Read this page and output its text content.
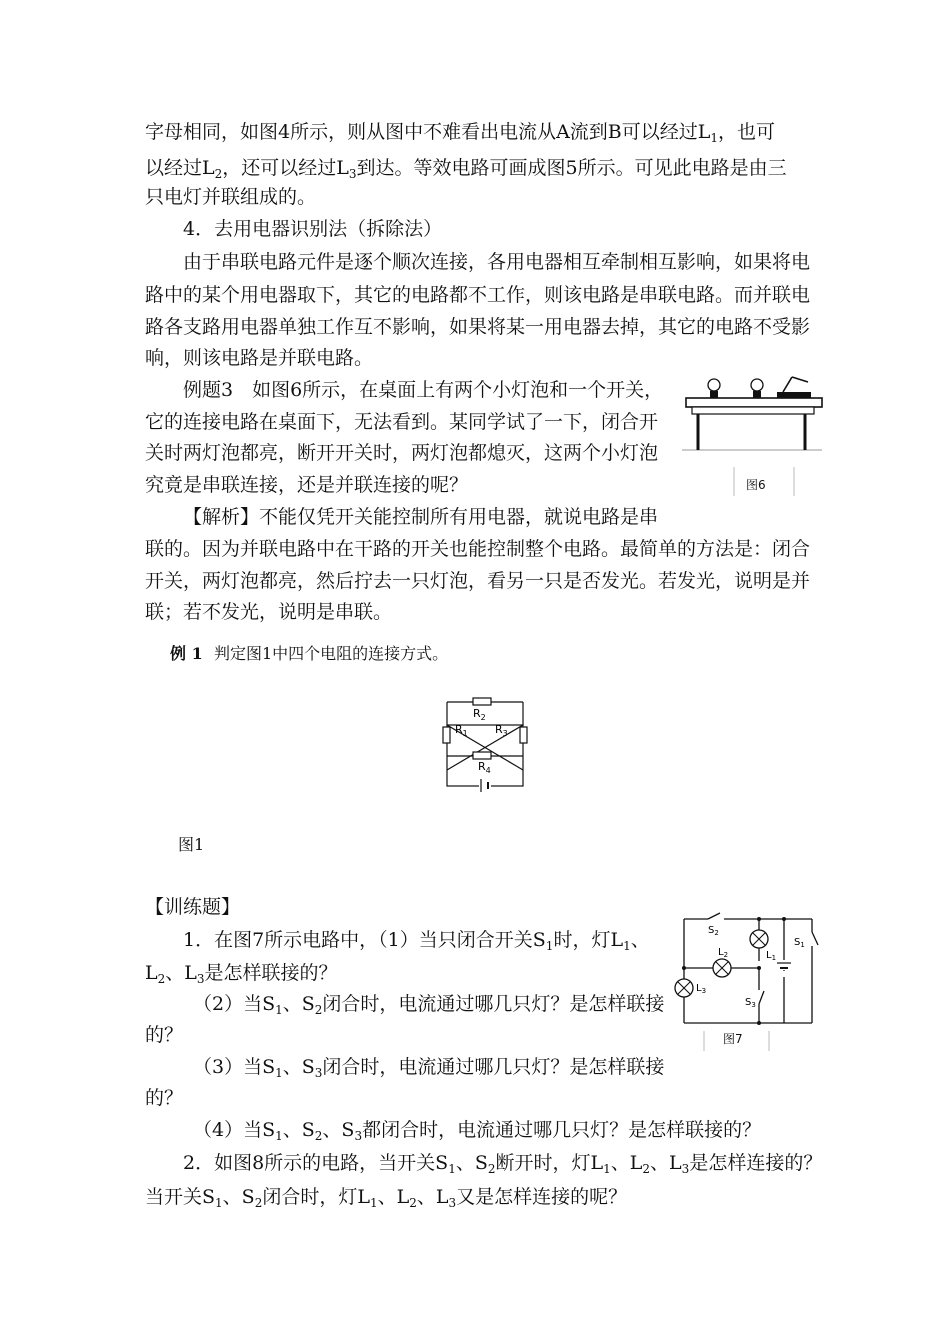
字母相同，如图4所示，则从图中不难看出电流从A流到B可以经过$L_1$，也可
以经过$L_2$，还可以经过$L_3$到达。等效电路可画成图5所示。可见此电路是由三
只电灯并联组成的。
4．去用电器识别法（拆除法）
由于串联电路元件是逐个顺次连接，各用电器相互牵制相互影响，如果将电
路中的某个用电器取下，其它的电路都不工作，则该电路是串联电路。而并联电
路各支路用电器单独工作互不影响，如果将某一用电器去掉，其它的电路不受影
响，则该电路是并联电路。
例题3　如图6所示，在桌面上有两个小灯泡和一个开关，
它的连接电路在桌面下，无法看到。某同学试了一下，闭合开
关时两灯泡都亮，断开开关时，两灯泡都熄灭，这两个小灯泡
究竟是串联连接，还是并联连接的呢？
【解析】不能仅凭开关能控制所有用电器，就说电路是串
联的。因为并联电路中在干路的开关也能控制整个电路。最简单的方法是：闭合
开关，两灯泡都亮，然后拧去一只灯泡，看另一只是否发光。若发光，说明是并
联；若不发光，说明是串联。
图6
例 1 判定图1中四个电阻的连接方式。
$R_2$
$R_1$ $R_3$
$R_4$
图1
【训练题】
1．在图7所示电路中，（1）当只闭合开关$S_1$时，灯$L_1$、
$L_2$、$L_3$是怎样联接的？
（2）当$S_1$、$S_2$闭合时，电流通过哪几只灯？是怎样联接
的？
（3）当$S_1$、$S_3$闭合时，电流通过哪几只灯？是怎样联接
的？
（4）当$S_1$、$S_2$、$S_3$都闭合时，电流通过哪几只灯？是怎样联接的？
2．如图8所示的电路，当开关$S_1$、$S_2$断开时，灯$L_1$、$L_2$、$L_3$是怎样连接的？
当开关$S_1$、$S_2$闭合时，灯$L_1$、$L_2$、$L_3$又是怎样连接的呢？
$S_2$
$S_1$
$L_2$	$L_1$
$L_3$
$S_3$
图7
